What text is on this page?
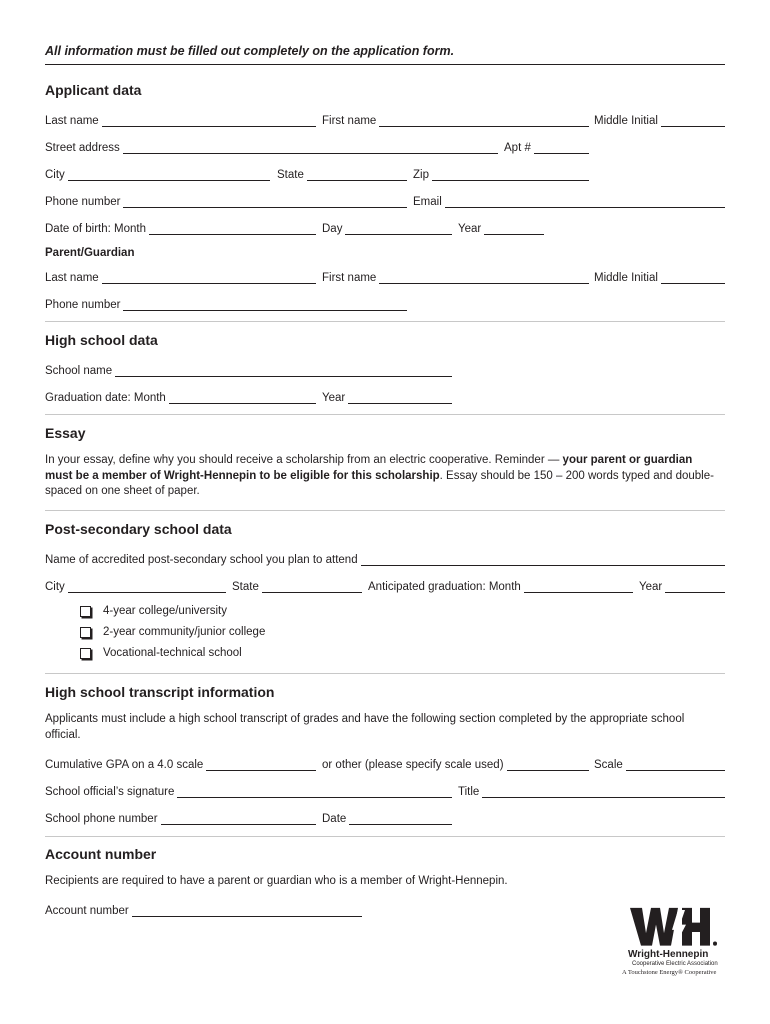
All information must be filled out completely on the application form.
Applicant data
Last name	First name	Middle Initial
Street address	Apt #
City	State	Zip
Phone number	Email
Date of birth: Month	Day	Year
Parent/Guardian
Last name	First name	Middle Initial
Phone number
High school data
School name
Graduation date: Month	Year
Essay
In your essay, define why you should receive a scholarship from an electric cooperative. Reminder — your parent or guardian must be a member of Wright-Hennepin to be eligible for this scholarship. Essay should be 150 – 200 words typed and double-spaced on one sheet of paper.
Post-secondary school data
Name of accredited post-secondary school you plan to attend
City	State	Anticipated graduation: Month	Year
4-year college/university
2-year community/junior college
Vocational-technical school
High school transcript information
Applicants must include a high school transcript of grades and have the following section completed by the appropriate school official.
Cumulative GPA on a 4.0 scale	or other (please specify scale used)	Scale
School official’s signature	Title
School phone number	Date
Account number
Recipients are required to have a parent or guardian who is a member of Wright-Hennepin.
Account number
Wright-Hennepin
Cooperative Electric Association
A Touchstone Energy® Cooperative
